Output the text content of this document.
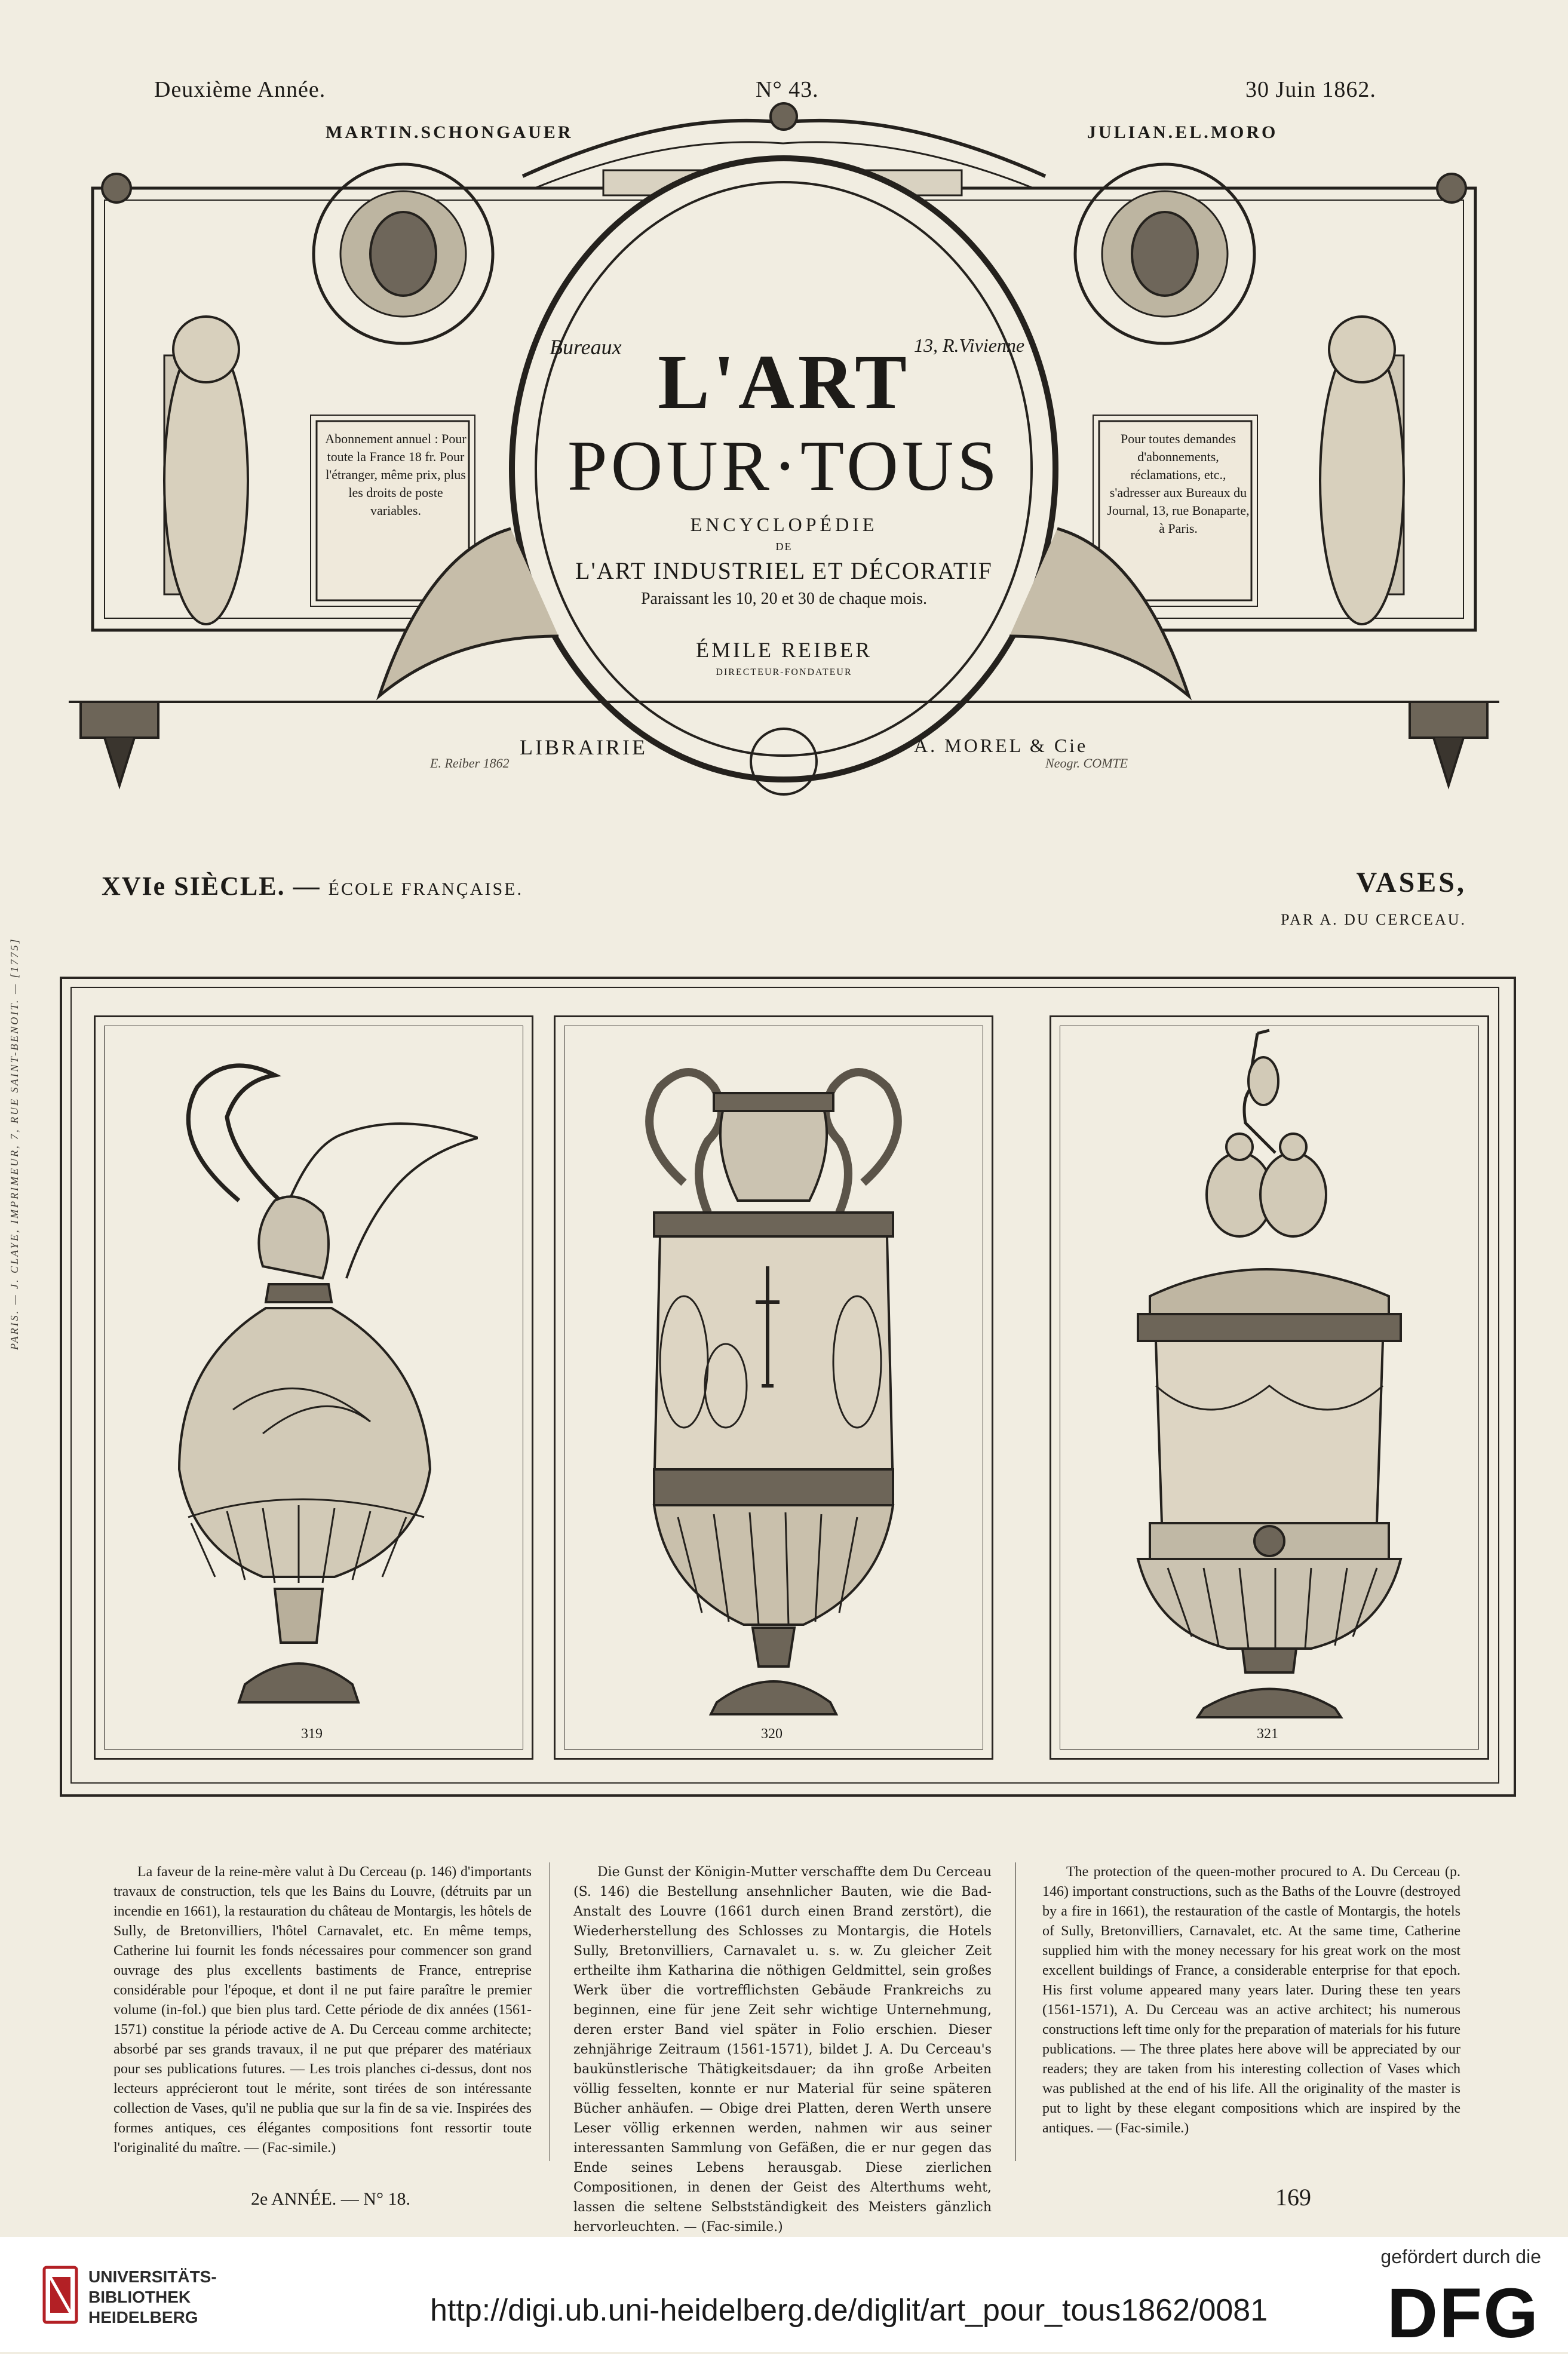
Deuxième Année.	N° 43.	30 Juin 1862.
MARTIN.SCHONGAUER	JULIAN.EL.MORO
Bureaux	13, R.Vivienne
LIBRAIRIE	A. MOREL & Cie
L'ART
POUR·TOUS
ENCYCLOPÉDIE
DE
L'ART INDUSTRIEL ET DÉCORATIF
Paraissant les 10, 20 et 30 de chaque mois.
ÉMILE REIBER
DIRECTEUR-FONDATEUR
Abonnement annuel : Pour toute la France 18 fr. Pour l'étranger, même prix, plus les droits de poste variables.
Pour toutes demandes d'abonnements, réclamations, etc., s'adresser aux Bureaux du Journal, 13, rue Bonaparte, à Paris.
E. Reiber 1862	Neogr. COMTE
XVIe SIÈCLE. — ÉCOLE FRANÇAISE.	VASES,
PAR A. DU CERCEAU.
PARIS. — J. CLAYE, IMPRIMEUR, 7, RUE SAINT-BENOIT. — [1775]
319	320	321

La faveur de la reine-mère valut à Du Cerceau (p. 146) d'importants travaux de construction, tels que les Bains du Louvre, (détruits par un incendie en 1661), la restauration du château de Montargis, les hôtels de Sully, de Bretonvilliers, l'hôtel Carnavalet, etc. En même temps, Catherine lui fournit les fonds nécessaires pour commencer son grand ouvrage des plus excellents bastiments de France, entreprise considérable pour l'époque, et dont il ne put faire paraître le premier volume (in-fol.) que bien plus tard. Cette période de dix années (1561-1571) constitue la période active de A. Du Cerceau comme architecte; absorbé par ses grands travaux, il ne put que préparer des matériaux pour ses publications futures. — Les trois planches ci-dessus, dont nos lecteurs apprécieront tout le mérite, sont tirées de son intéressante collection de Vases, qu'il ne publia que sur la fin de sa vie. Inspirées des formes antiques, ces élégantes compositions font ressortir toute l'originalité du maître. — (Fac-simile.)

Die Gunst der Königin-Mutter verschaffte dem Du Cerceau (S. 146) die Bestellung ansehnlicher Bauten, wie die Bad-Anstalt des Louvre (1661 durch einen Brand zerstört), die Wiederherstellung des Schlosses zu Montargis, die Hotels Sully, Bretonvilliers, Carnavalet u. s. w. Zu gleicher Zeit ertheilte ihm Katharina die nöthigen Geldmittel, sein großes Werk über die vortrefflichsten Gebäude Frankreichs zu beginnen, eine für jene Zeit sehr wichtige Unternehmung, deren erster Band viel später in Folio erschien. Dieser zehnjährige Zeitraum (1561-1571), bildet J. A. Du Cerceau's baukünstlerische Thätigkeitsdauer; da ihn große Arbeiten völlig fesselten, konnte er nur Material für seine späteren Bücher anhäufen. — Obige drei Platten, deren Werth unsere Leser völlig erkennen werden, nahmen wir aus seiner interessanten Sammlung von Gefäßen, die er nur gegen das Ende seines Lebens herausgab. Diese zierlichen Compositionen, in denen der Geist des Alterthums weht, lassen die seltene Selbstständigkeit des Meisters gänzlich hervorleuchten. — (Fac-simile.)

The protection of the queen-mother procured to A. Du Cerceau (p. 146) important constructions, such as the Baths of the Louvre (destroyed by a fire in 1661), the restauration of the castle of Montargis, the hotels of Sully, Bretonvilliers, Carnavalet, etc. At the same time, Catherine supplied him with the money necessary for his great work on the most excellent buildings of France, a considerable enterprise for that epoch. His first volume appeared many years later. During these ten years (1561-1571), A. Du Cerceau was an active architect; his numerous constructions left time only for the preparation of materials for his future publications. — The three plates here above will be appreciated by our readers; they are taken from his interesting collection of Vases which was published at the end of his life. All the originality of the master is put to light by these elegant compositions which are inspired by the antiques. — (Fac-simile.)

2e ANNÉE. — N° 18.	169
UNIVERSITÄTS-
BIBLIOTHEK
HEIDELBERG	http://digi.ub.uni-heidelberg.de/diglit/art_pour_tous1862/0081
gefördert durch die
DFG
